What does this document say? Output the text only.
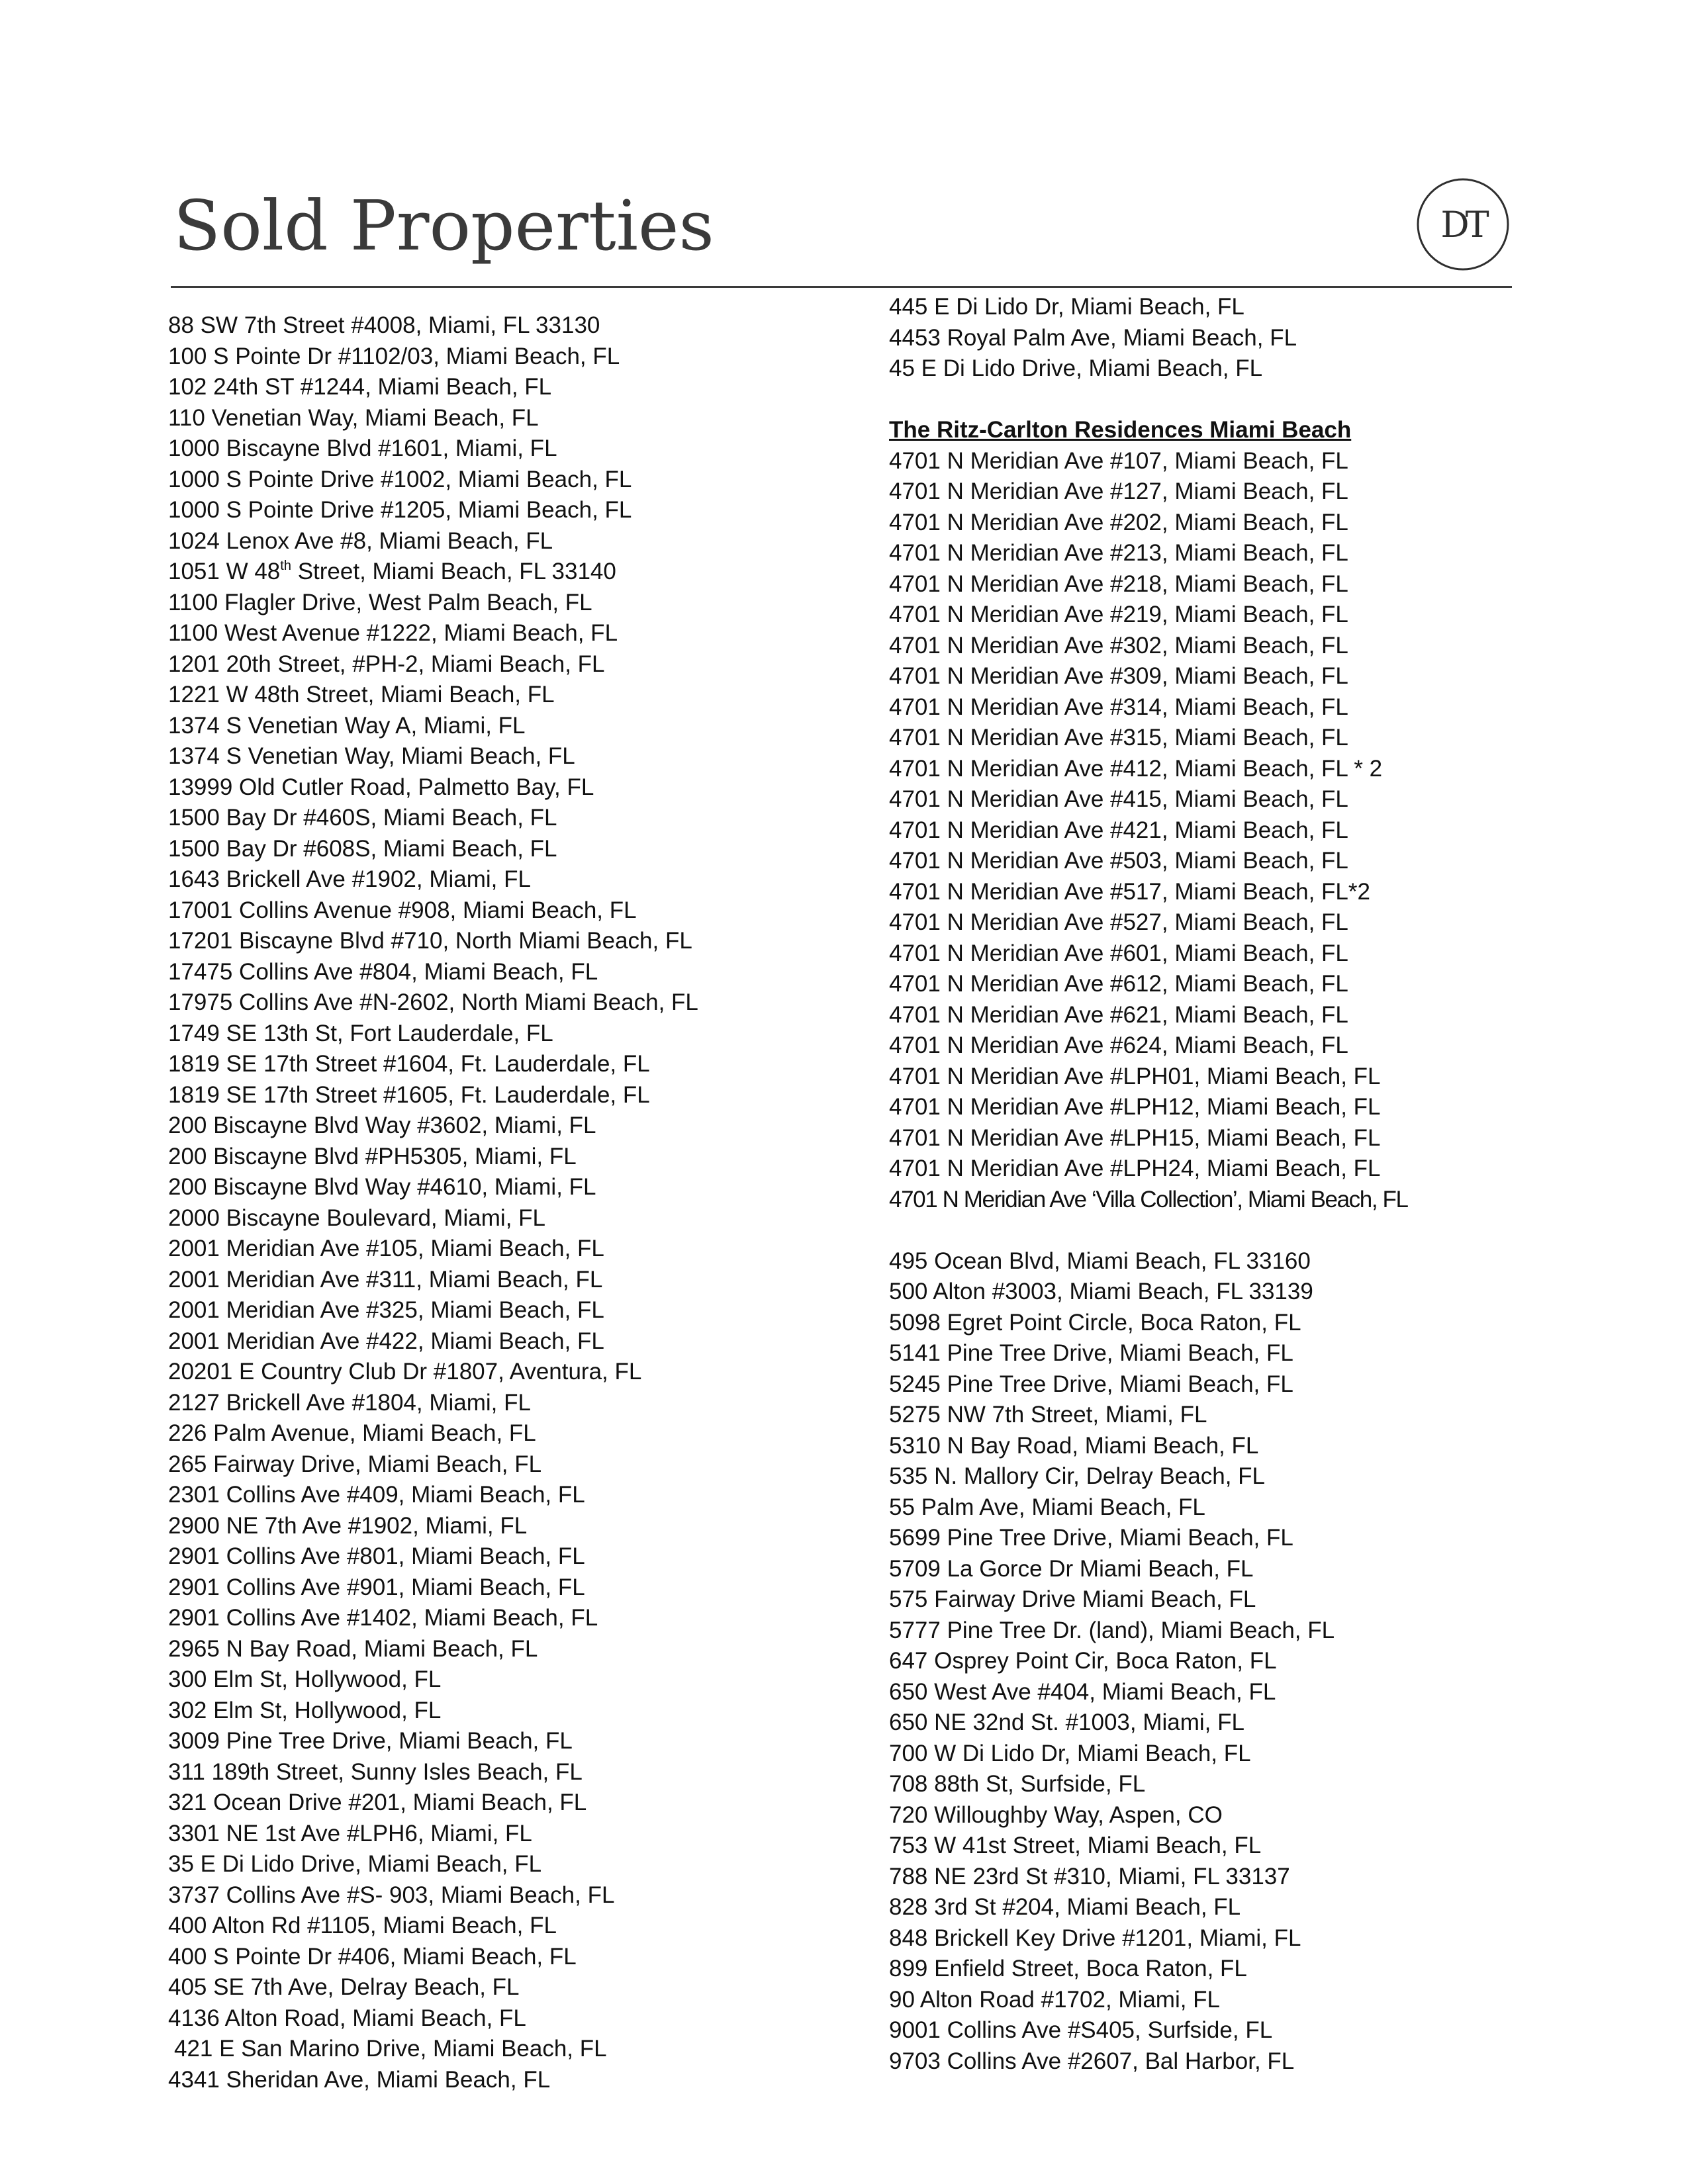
Sold Properties	DT
88 SW 7th Street #4008, Miami, FL 33130
100 S Pointe Dr #1102/03, Miami Beach, FL
102 24th ST #1244, Miami Beach, FL
110 Venetian Way, Miami Beach, FL
1000 Biscayne Blvd #1601, Miami, FL
1000 S Pointe Drive #1002, Miami Beach, FL
1000 S Pointe Drive #1205, Miami Beach, FL
1024 Lenox Ave #8, Miami Beach, FL
1051 W 48th Street, Miami Beach, FL 33140
1100 Flagler Drive, West Palm Beach, FL
1100 West Avenue #1222, Miami Beach, FL
1201 20th Street, #PH-2, Miami Beach, FL
1221 W 48th Street, Miami Beach, FL
1374 S Venetian Way A, Miami, FL
1374 S Venetian Way, Miami Beach, FL
13999 Old Cutler Road, Palmetto Bay, FL
1500 Bay Dr #460S, Miami Beach, FL
1500 Bay Dr #608S, Miami Beach, FL
1643 Brickell Ave #1902, Miami, FL
17001 Collins Avenue #908, Miami Beach, FL
17201 Biscayne Blvd #710, North Miami Beach, FL
17475 Collins Ave #804, Miami Beach, FL
17975 Collins Ave #N-2602, North Miami Beach, FL
1749 SE 13th St, Fort Lauderdale, FL
1819 SE 17th Street #1604, Ft. Lauderdale, FL
1819 SE 17th Street #1605, Ft. Lauderdale, FL
200 Biscayne Blvd Way #3602, Miami, FL
200 Biscayne Blvd #PH5305, Miami, FL
200 Biscayne Blvd Way #4610, Miami, FL
2000 Biscayne Boulevard, Miami, FL
2001 Meridian Ave #105, Miami Beach, FL
2001 Meridian Ave #311, Miami Beach, FL
2001 Meridian Ave #325, Miami Beach, FL
2001 Meridian Ave #422, Miami Beach, FL
20201 E Country Club Dr #1807, Aventura, FL
2127 Brickell Ave #1804, Miami, FL
226 Palm Avenue, Miami Beach, FL
265 Fairway Drive, Miami Beach, FL
2301 Collins Ave #409, Miami Beach, FL
2900 NE 7th Ave #1902, Miami, FL
2901 Collins Ave #801, Miami Beach, FL
2901 Collins Ave #901, Miami Beach, FL
2901 Collins Ave #1402, Miami Beach, FL
2965 N Bay Road, Miami Beach, FL
300 Elm St, Hollywood, FL
302 Elm St, Hollywood, FL
3009 Pine Tree Drive, Miami Beach, FL
311 189th Street, Sunny Isles Beach, FL
321 Ocean Drive #201, Miami Beach, FL
3301 NE 1st Ave #LPH6, Miami, FL
35 E Di Lido Drive, Miami Beach, FL
3737 Collins Ave #S- 903, Miami Beach, FL
400 Alton Rd #1105, Miami Beach, FL
400 S Pointe Dr #406, Miami Beach, FL
405 SE 7th Ave, Delray Beach, FL
4136 Alton Road, Miami Beach, FL
421 E San Marino Drive, Miami Beach, FL
4341 Sheridan Ave, Miami Beach, FL
445 E Di Lido Dr, Miami Beach, FL
4453 Royal Palm Ave, Miami Beach, FL
45 E Di Lido Drive, Miami Beach, FL
The Ritz-Carlton Residences Miami Beach
4701 N Meridian Ave #107, Miami Beach, FL
4701 N Meridian Ave #127, Miami Beach, FL
4701 N Meridian Ave #202, Miami Beach, FL
4701 N Meridian Ave #213, Miami Beach, FL
4701 N Meridian Ave #218, Miami Beach, FL
4701 N Meridian Ave #219, Miami Beach, FL
4701 N Meridian Ave #302, Miami Beach, FL
4701 N Meridian Ave #309, Miami Beach, FL
4701 N Meridian Ave #314, Miami Beach, FL
4701 N Meridian Ave #315, Miami Beach, FL
4701 N Meridian Ave #412, Miami Beach, FL * 2
4701 N Meridian Ave #415, Miami Beach, FL
4701 N Meridian Ave #421, Miami Beach, FL
4701 N Meridian Ave #503, Miami Beach, FL
4701 N Meridian Ave #517, Miami Beach, FL*2
4701 N Meridian Ave #527, Miami Beach, FL
4701 N Meridian Ave #601, Miami Beach, FL
4701 N Meridian Ave #612, Miami Beach, FL
4701 N Meridian Ave #621, Miami Beach, FL
4701 N Meridian Ave #624, Miami Beach, FL
4701 N Meridian Ave #LPH01, Miami Beach, FL
4701 N Meridian Ave #LPH12, Miami Beach, FL
4701 N Meridian Ave #LPH15, Miami Beach, FL
4701 N Meridian Ave #LPH24, Miami Beach, FL
4701 N Meridian Ave ‘Villa Collection’, Miami Beach, FL
495 Ocean Blvd, Miami Beach, FL 33160
500 Alton #3003, Miami Beach, FL 33139
5098 Egret Point Circle, Boca Raton, FL
5141 Pine Tree Drive, Miami Beach, FL
5245 Pine Tree Drive, Miami Beach, FL
5275 NW 7th Street, Miami, FL
5310 N Bay Road, Miami Beach, FL
535 N. Mallory Cir, Delray Beach, FL
55 Palm Ave, Miami Beach, FL
5699 Pine Tree Drive, Miami Beach, FL
5709 La Gorce Dr Miami Beach, FL
575 Fairway Drive Miami Beach, FL
5777 Pine Tree Dr. (land), Miami Beach, FL
647 Osprey Point Cir, Boca Raton, FL
650 West Ave #404, Miami Beach, FL
650 NE 32nd St. #1003, Miami, FL
700 W Di Lido Dr, Miami Beach, FL
708 88th St, Surfside, FL
720 Willoughby Way, Aspen, CO
753 W 41st Street, Miami Beach, FL
788 NE 23rd St #310, Miami, FL 33137
828 3rd St #204, Miami Beach, FL
848 Brickell Key Drive #1201, Miami, FL
899 Enfield Street, Boca Raton, FL
90 Alton Road #1702, Miami, FL
9001 Collins Ave #S405, Surfside, FL
9703 Collins Ave #2607, Bal Harbor, FL
